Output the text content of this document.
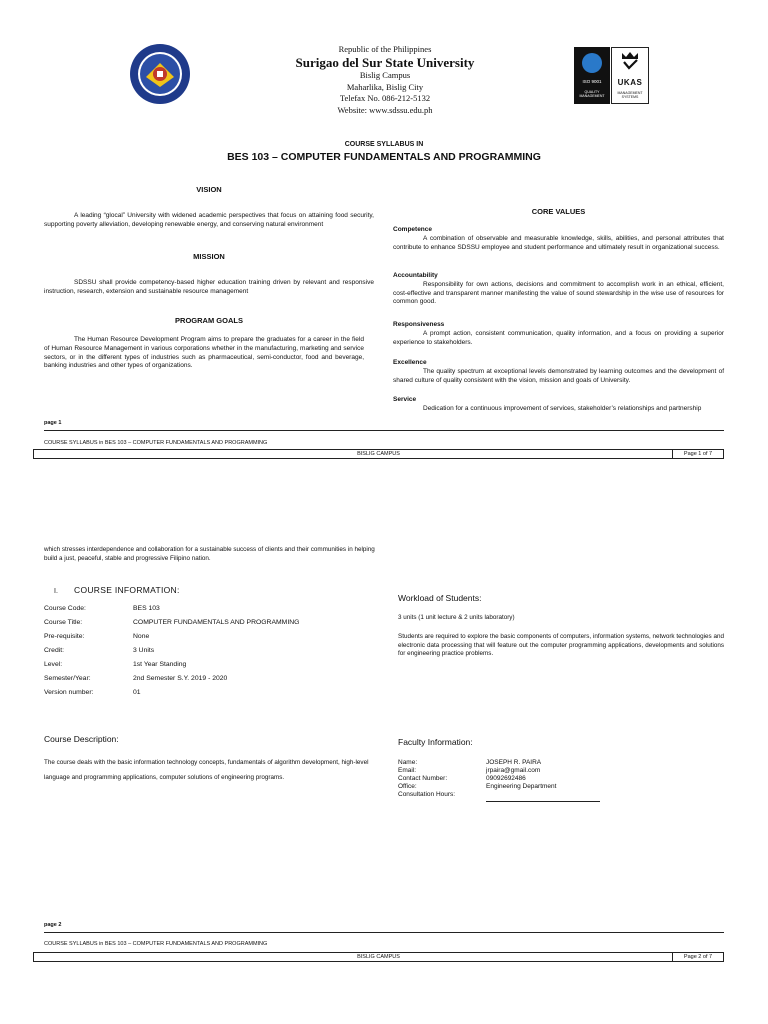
Republic of the Philippines
Surigao del Sur State University
Bislig Campus
Maharlika, Bislig City
Telefax No. 086-212-5132
Website: www.sdssu.edu.ph
ISO 9001
QUALITY MANAGEMENT
UKAS
MANAGEMENT SYSTEMS
COURSE SYLLABUS IN
BES 103 – COMPUTER FUNDAMENTALS AND PROGRAMMING
VISION
A leading “glocal” University with widened academic perspectives that focus on attaining food security, supporting poverty alleviation, developing renewable energy, and conserving natural environment
MISSION
SDSSU shall provide competency-based higher education training driven by relevant and responsive instruction, research, extension and sustainable resource management
PROGRAM GOALS
The Human Resource Development Program aims to prepare the graduates for a career in the field of Human Resource Management in various corporations whether in the manufacturing, marketing and service sectors, or in the different types of industries such as pharmaceutical, semi-conductor, food and beverage, banking industries and other types of organizations.
CORE VALUES
Competence
A combination of observable and measurable knowledge, skills, abilities, and personal attributes that contribute to enhance SDSSU employee and student performance and ultimately result in organizational success.
Accountability
Responsibility for own actions, decisions and commitment to accomplish work in an ethical, efficient, cost-effective and transparent manner manifesting the value of sound stewardship in the wise use of resources for common good.
Responsiveness
A prompt action, consistent communication, quality information, and a focus on providing a superior experience to stakeholders.
Excellence
The quality spectrum at exceptional levels demonstrated by learning outcomes and the development of shared culture of quality consistent with the vision, mission and goals of University.
Service
Dedication for a continuous improvement of services, stakeholder’s relationships and partnership
page 1
COURSE SYLLABUS in BES 103 – COMPUTER FUNDAMENTALS AND PROGRAMMING
BISLIG CAMPUS	Page 1 of 7
which stresses interdependence and collaboration for a sustainable success of clients and their communities in helping build a just, peaceful, stable and progressive Filipino nation.
I. COURSE INFORMATION:
Course Code:	BES 103
Course Title:	COMPUTER FUNDAMENTALS AND PROGRAMMING
Pre-requisite:	None
Credit:	3 Units
Level:	1st Year Standing
Semester/Year:	2nd Semester S.Y. 2019 - 2020
Version number:	01
Workload of Students:
3 units (1 unit lecture & 2 units laboratory)
Students are required to explore the basic components of computers, information systems, network technologies and electronic data processing that will feature out the computer programming applications, developments and solutions for engineering practice problems.
Course Description:
The course deals with the basic information technology concepts, fundamentals of algorithm development, high-level language and programming applications, computer solutions of engineering programs.
Faculty Information:
Name:	JOSEPH R. PAIRA
Email:	jrpaira@gmail.com
Contact Number:	09092692486
Office:	Engineering Department
Consultation Hours:
page 2
COURSE SYLLABUS in BES 103 – COMPUTER FUNDAMENTALS AND PROGRAMMING
BISLIG CAMPUS	Page 2 of 7
